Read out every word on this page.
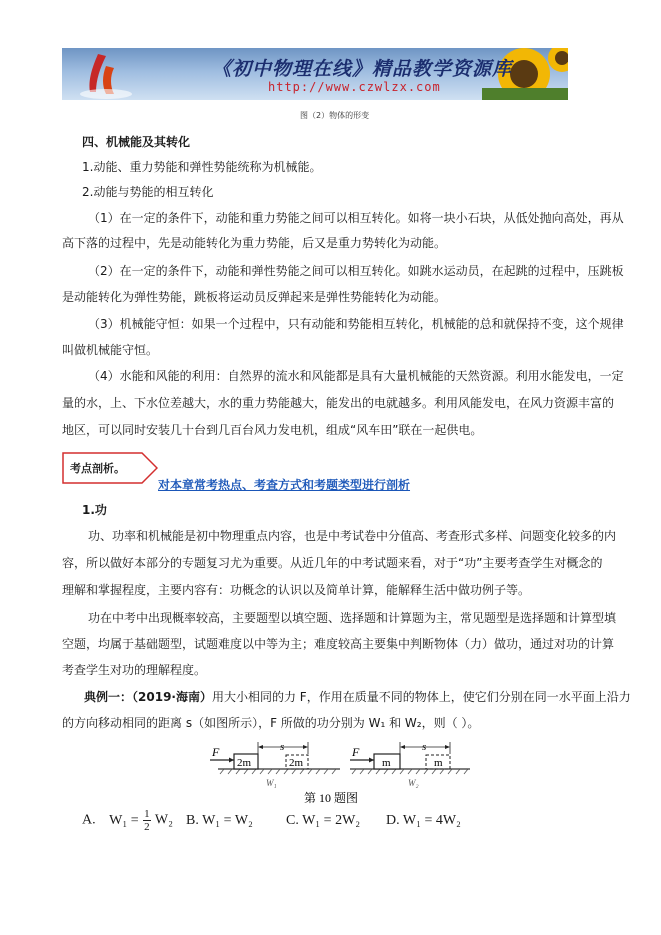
《初中物理在线》精品教学资源库
http://www.czwlzx.com
图（2）物体的形变
四、机械能及其转化
1.动能、重力势能和弹性势能统称为机械能。
2.动能与势能的相互转化
（1）在一定的条件下，动能和重力势能之间可以相互转化。如将一块小石块，从低处抛向高处，再从
高下落的过程中，先是动能转化为重力势能，后又是重力势转化为动能。
（2）在一定的条件下，动能和弹性势能之间可以相互转化。如跳水运动员，在起跳的过程中，压跳板
是动能转化为弹性势能，跳板将运动员反弹起来是弹性势能转化为动能。
（3）机械能守恒：如果一个过程中，只有动能和势能相互转化，机械能的总和就保持不变，这个规律
叫做机械能守恒。
（4）水能和风能的利用：自然界的流水和风能都是具有大量机械能的天然资源。利用水能发电，一定
量的水，上、下水位差越大，水的重力势能越大，能发出的电就越多。利用风能发电，在风力资源丰富的
地区，可以同时安装几十台到几百台风力发电机，组成“风车田”联在一起供电。
考点剖析。
对本章常考热点、考查方式和考题类型进行剖析
1.功
功、功率和机械能是初中物理重点内容，也是中考试卷中分值高、考查形式多样、问题变化较多的内
容，所以做好本部分的专题复习尤为重要。从近几年的中考试题来看，对于“功”主要考查学生对概念的
理解和掌握程度，主要内容有：功概念的认识以及简单计算，能解释生活中做功例子等。
功在中考中出现概率较高，主要题型以填空题、选择题和计算题为主，常见题型是选择题和计算型填
空题，均属于基础题型，试题难度以中等为主；难度较高主要集中判断物体（力）做功，通过对功的计算
考查学生对功的理解程度。
典例一：（2019·海南）用大小相同的力 F，作用在质量不同的物体上，使它们分别在同一水平面上沿力
的方向移动相同的距离 s（如图所示），F 所做的功分别为 W₁ 和 W₂，则（ ）。
F
2m	2m
s
W₁
F
m	m
s
W₂
第 10 题图
A. $W_1 = \frac{1}{2} W_2$ B. W₁ = W₂ C. W₁ = 2W₂ D. W₁ = 4W₂
